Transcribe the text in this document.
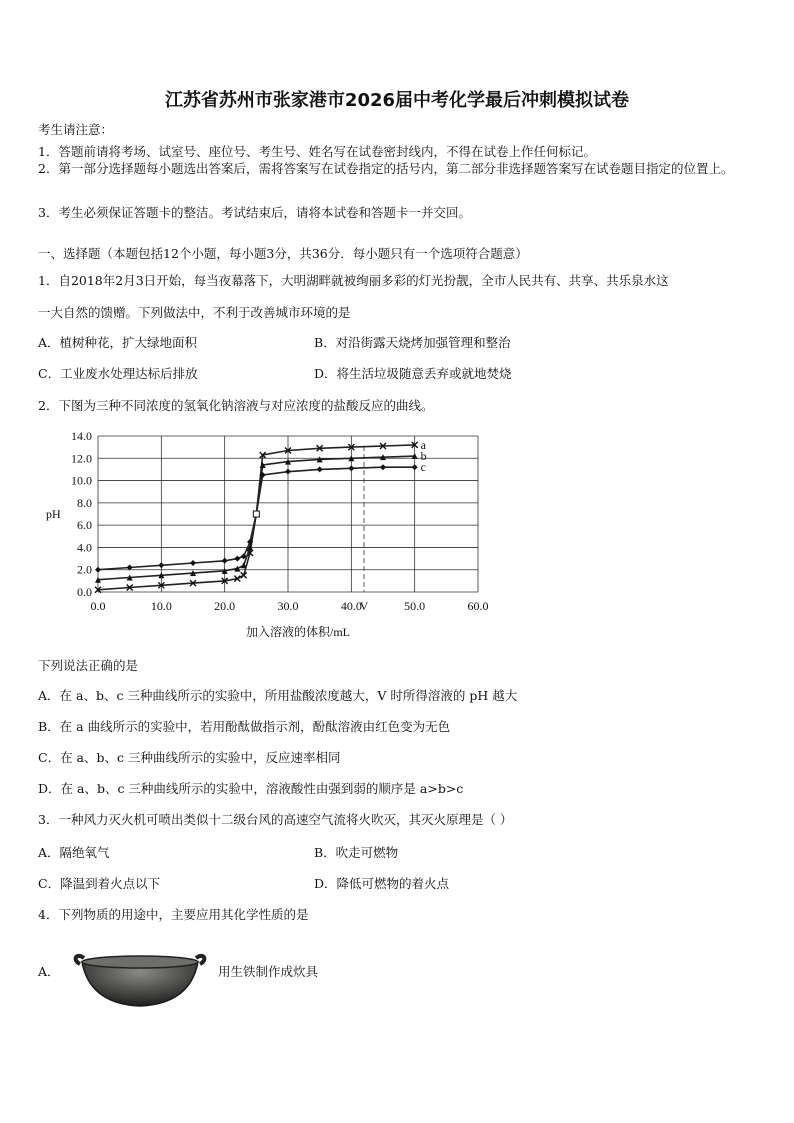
江苏省苏州市张家港市2026届中考化学最后冲刺模拟试卷
考生请注意：
1．答题前请将考场、试室号、座位号、考生号、姓名写在试卷密封线内，不得在试卷上作任何标记。
2．第一部分选择题每小题选出答案后，需将答案写在试卷指定的括号内，第二部分非选择题答案写在试卷题目指定的位置上。
3．考生必须保证答题卡的整洁。考试结束后，请将本试卷和答题卡一并交回。
一、选择题（本题包括12个小题，每小题3分，共36分．每小题只有一个选项符合题意）
1．自2018年2月3日开始，每当夜幕落下，大明湖畔就被绚丽多彩的灯光扮靓，全市人民共有、共享、共乐泉水这
一大自然的馈赠。下列做法中，不利于改善城市环境的是
A．植树种花，扩大绿地面积	B．对沿街露天烧烤加强管理和整治
C．工业废水处理达标后排放	D．将生活垃圾随意丢弃或就地焚烧
2．下图为三种不同浓度的氢氧化钠溶液与对应浓度的盐酸反应的曲线。
0.0
2.0
4.0
6.0
8.0
10.0
12.0
14.0
0.0	10.0	20.0	30.0	40.0	50.0	60.0
V
pH
加入溶液的体积/mL
a
b
c
下列说法正确的是
A．在 a、b、c 三种曲线所示的实验中，所用盐酸浓度越大，V 时所得溶液的 pH 越大
B．在 a 曲线所示的实验中，若用酚酞做指示剂，酚酞溶液由红色变为无色
C．在 a、b、c 三种曲线所示的实验中，反应速率相同
D．在 a、b、c 三种曲线所示的实验中，溶液酸性由强到弱的顺序是 a>b>c
3．一种风力灭火机可喷出类似十二级台风的高速空气流将火吹灭，其灭火原理是（ ）
A．隔绝氧气	B．吹走可燃物
C．降温到着火点以下	D．降低可燃物的着火点
4．下列物质的用途中，主要应用其化学性质的是
A．	用生铁制作成炊具
